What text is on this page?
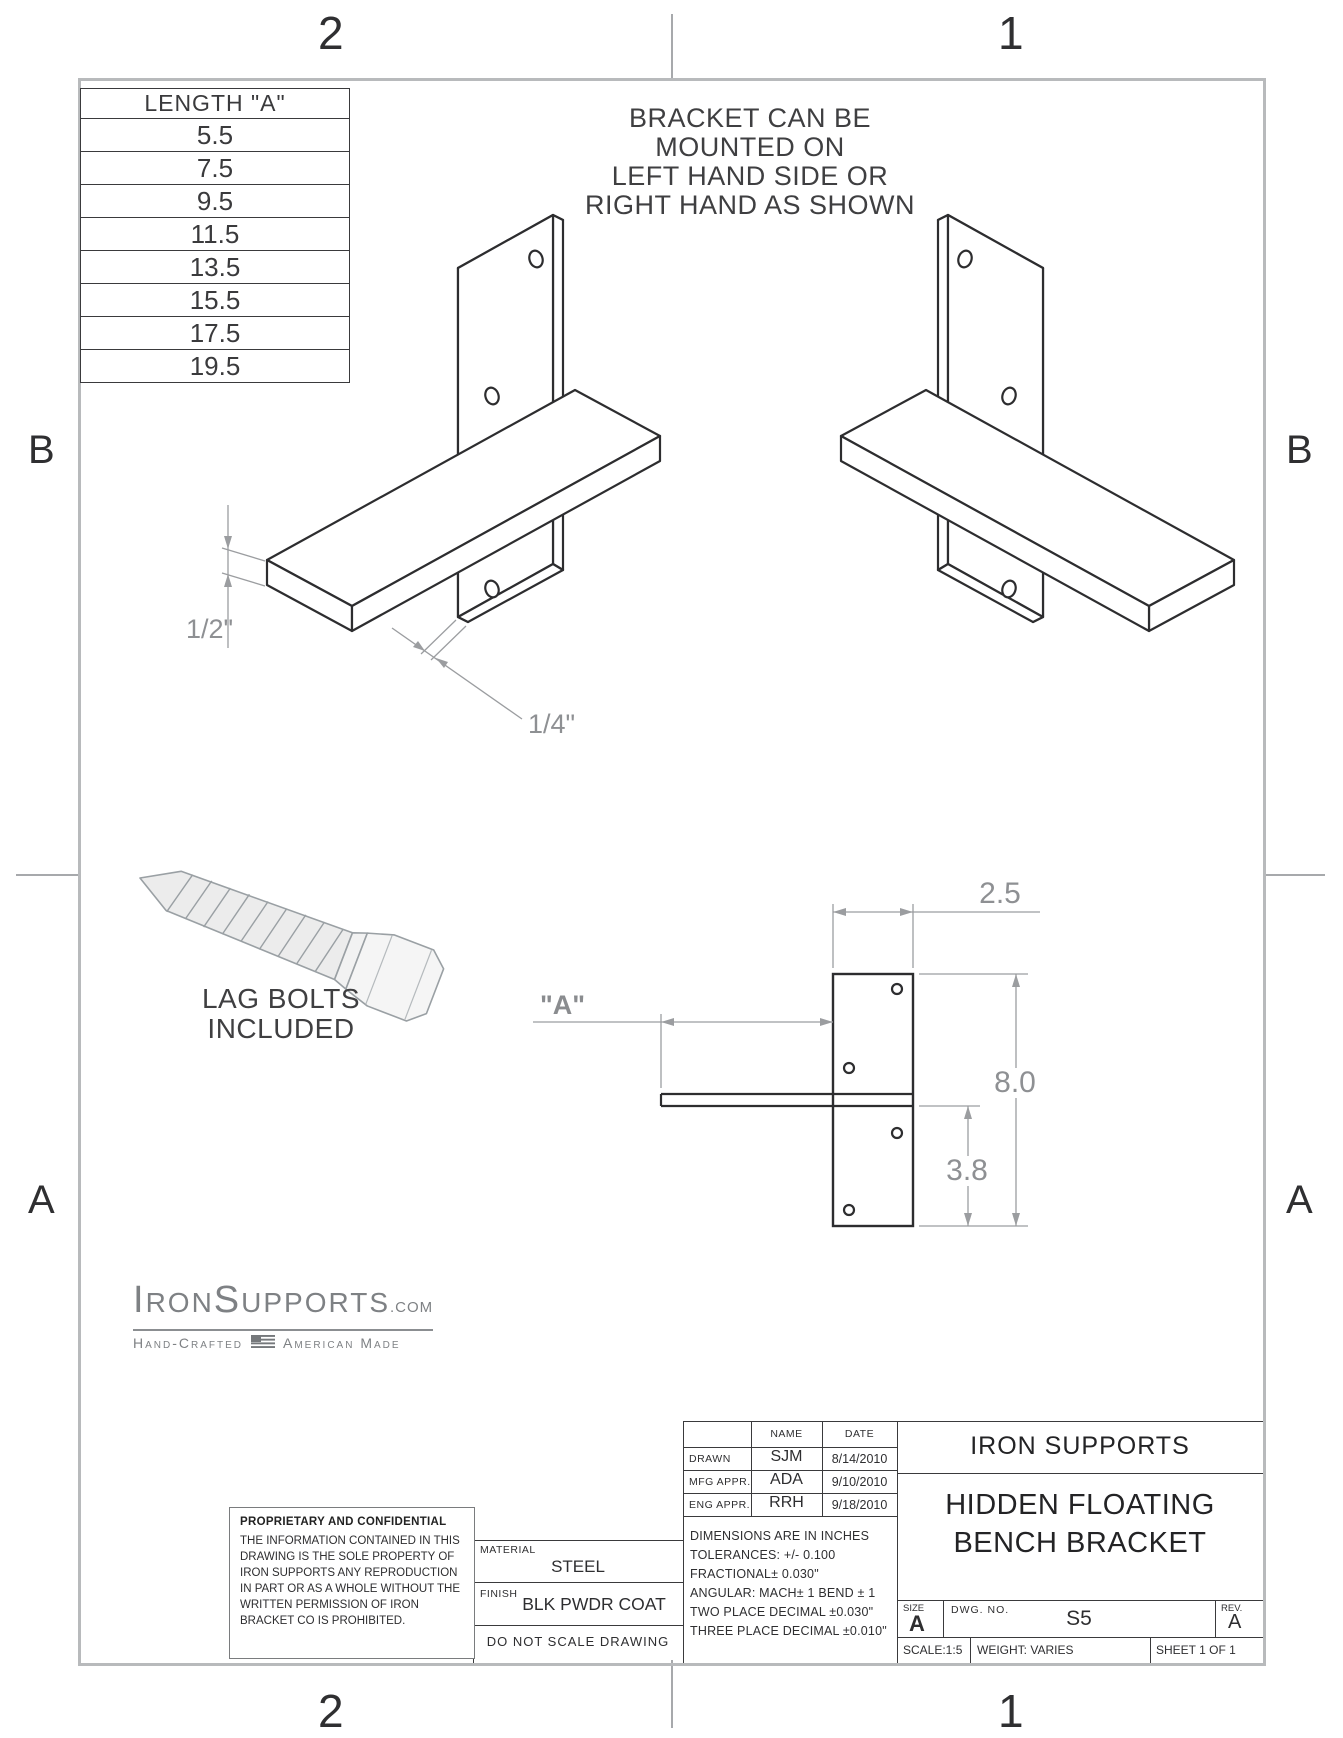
2	1
2	1
B
A
B
A
LENGTH "A"
5.5
7.5
9.5
11.5
13.5
15.5
17.5
19.5
BRACKET CAN BE
MOUNTED ON
LEFT HAND SIDE OR
RIGHT HAND AS SHOWN
1/2"
1/4"
2.5
8.0
3.8
"A"
LAG BOLTS
INCLUDED
IRONSUPPORTS.COM
Hand-Crafted	American Made
NAME	DATE
DRAWN	SJM	8/14/2010
MFG APPR.	ADA	9/10/2010
ENG APPR.	RRH	9/18/2010
DIMENSIONS ARE IN INCHES
TOLERANCES: +/- 0.100
FRACTIONAL± 0.030"
ANGULAR: MACH± 1 BEND ± 1
TWO PLACE DECIMAL ±0.030"
THREE PLACE DECIMAL ±0.010"
MATERIAL
STEEL
FINISH BLK PWDR COAT
DO NOT SCALE DRAWING
PROPRIETARY AND CONFIDENTIAL
THE INFORMATION CONTAINED IN THIS DRAWING IS THE SOLE PROPERTY OF IRON SUPPORTS ANY REPRODUCTION IN PART OR AS A WHOLE WITHOUT THE WRITTEN PERMISSION OF IRON BRACKET CO IS PROHIBITED.
IRON SUPPORTS
HIDDEN FLOATING
BENCH BRACKET
SIZE
A
DWG. NO.	S5	REV.
A
SCALE:1:5 WEIGHT: VARIES	SHEET 1 OF 1
